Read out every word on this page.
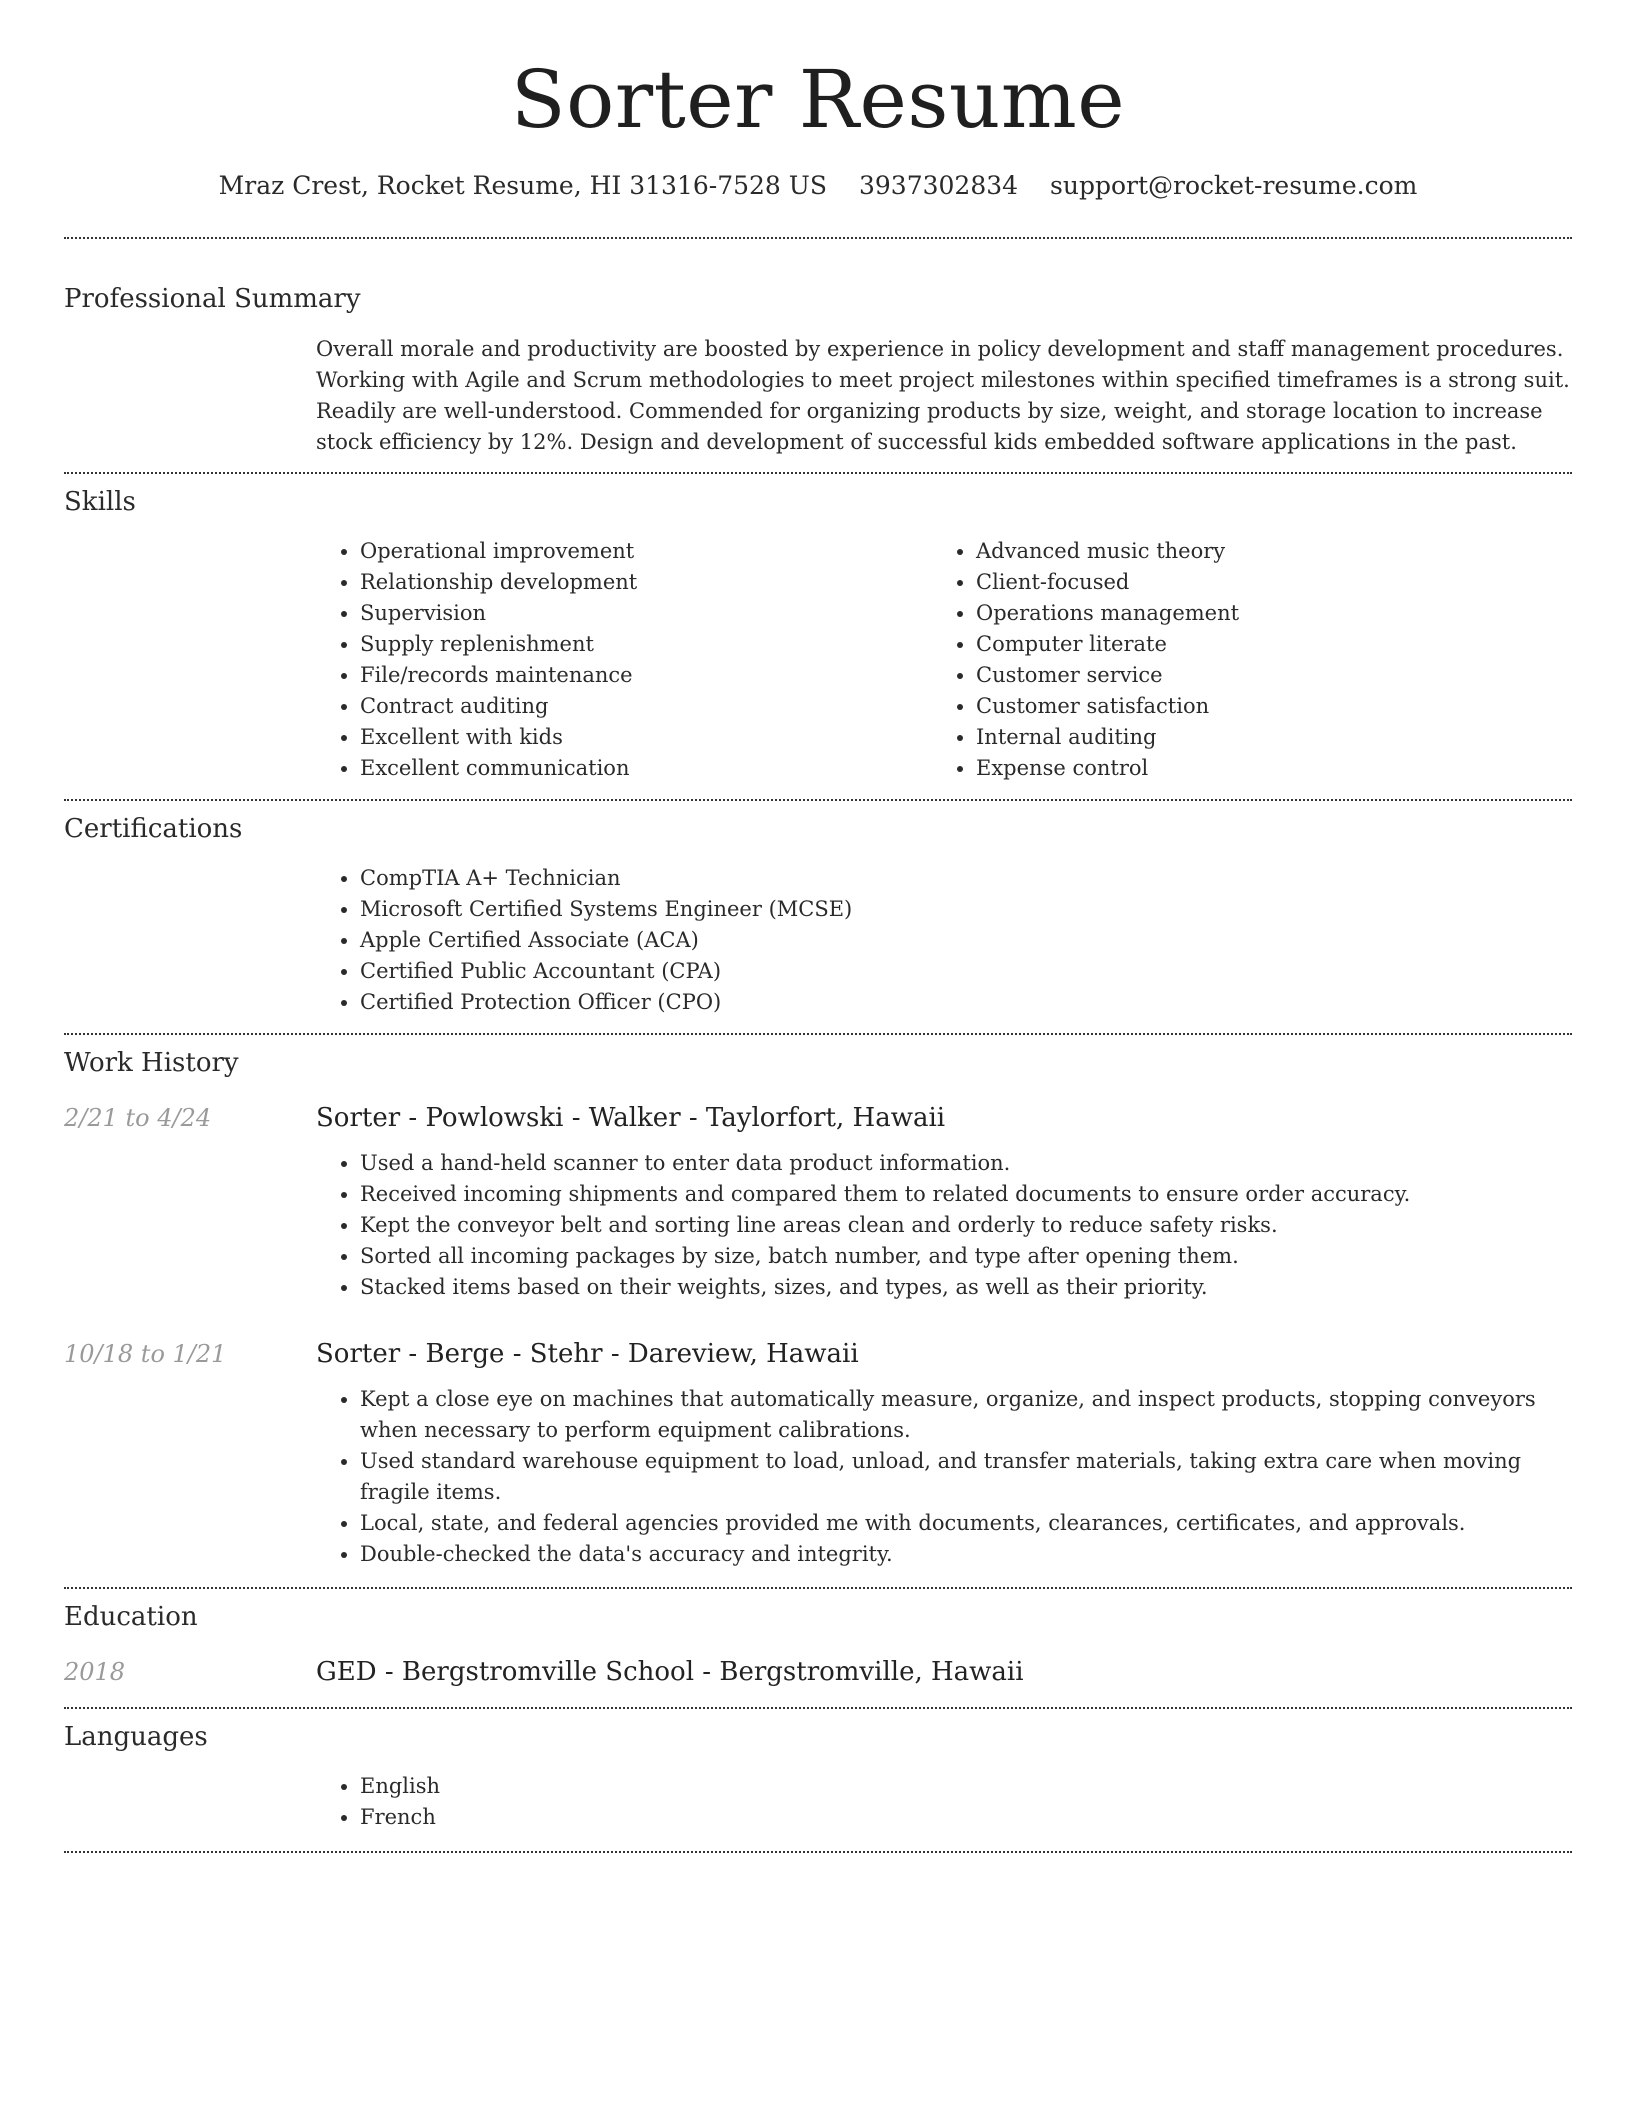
Sorter Resume
Mraz Crest, Rocket Resume, HI 31316-7528 US 3937302834 support@rocket-resume.com
Professional Summary
Overall morale and productivity are boosted by experience in policy development and staff management procedures. Working with Agile and Scrum methodologies to meet project milestones within specified timeframes is a strong suit. Readily are well-understood. Commended for organizing products by size, weight, and storage location to increase stock efficiency by 12%. Design and development of successful kids embedded software applications in the past.
Skills
• Operational improvement
• Relationship development
• Supervision
• Supply replenishment
• File/records maintenance
• Contract auditing
• Excellent with kids
• Excellent communication
• Advanced music theory
• Client-focused
• Operations management
• Computer literate
• Customer service
• Customer satisfaction
• Internal auditing
• Expense control
Certifications
• CompTIA A+ Technician
• Microsoft Certified Systems Engineer (MCSE)
• Apple Certified Associate (ACA)
• Certified Public Accountant (CPA)
• Certified Protection Officer (CPO)
Work History
2/21 to 4/24	Sorter - Powlowski - Walker - Taylorfort, Hawaii
• Used a hand-held scanner to enter data product information.
• Received incoming shipments and compared them to related documents to ensure order accuracy.
• Kept the conveyor belt and sorting line areas clean and orderly to reduce safety risks.
• Sorted all incoming packages by size, batch number, and type after opening them.
• Stacked items based on their weights, sizes, and types, as well as their priority.
10/18 to 1/21	Sorter - Berge - Stehr - Dareview, Hawaii
• Kept a close eye on machines that automatically measure, organize, and inspect products, stopping conveyors when necessary to perform equipment calibrations.
• Used standard warehouse equipment to load, unload, and transfer materials, taking extra care when moving fragile items.
• Local, state, and federal agencies provided me with documents, clearances, certificates, and approvals.
• Double-checked the data's accuracy and integrity.
Education
2018	GED - Bergstromville School - Bergstromville, Hawaii
Languages
• English
• French
